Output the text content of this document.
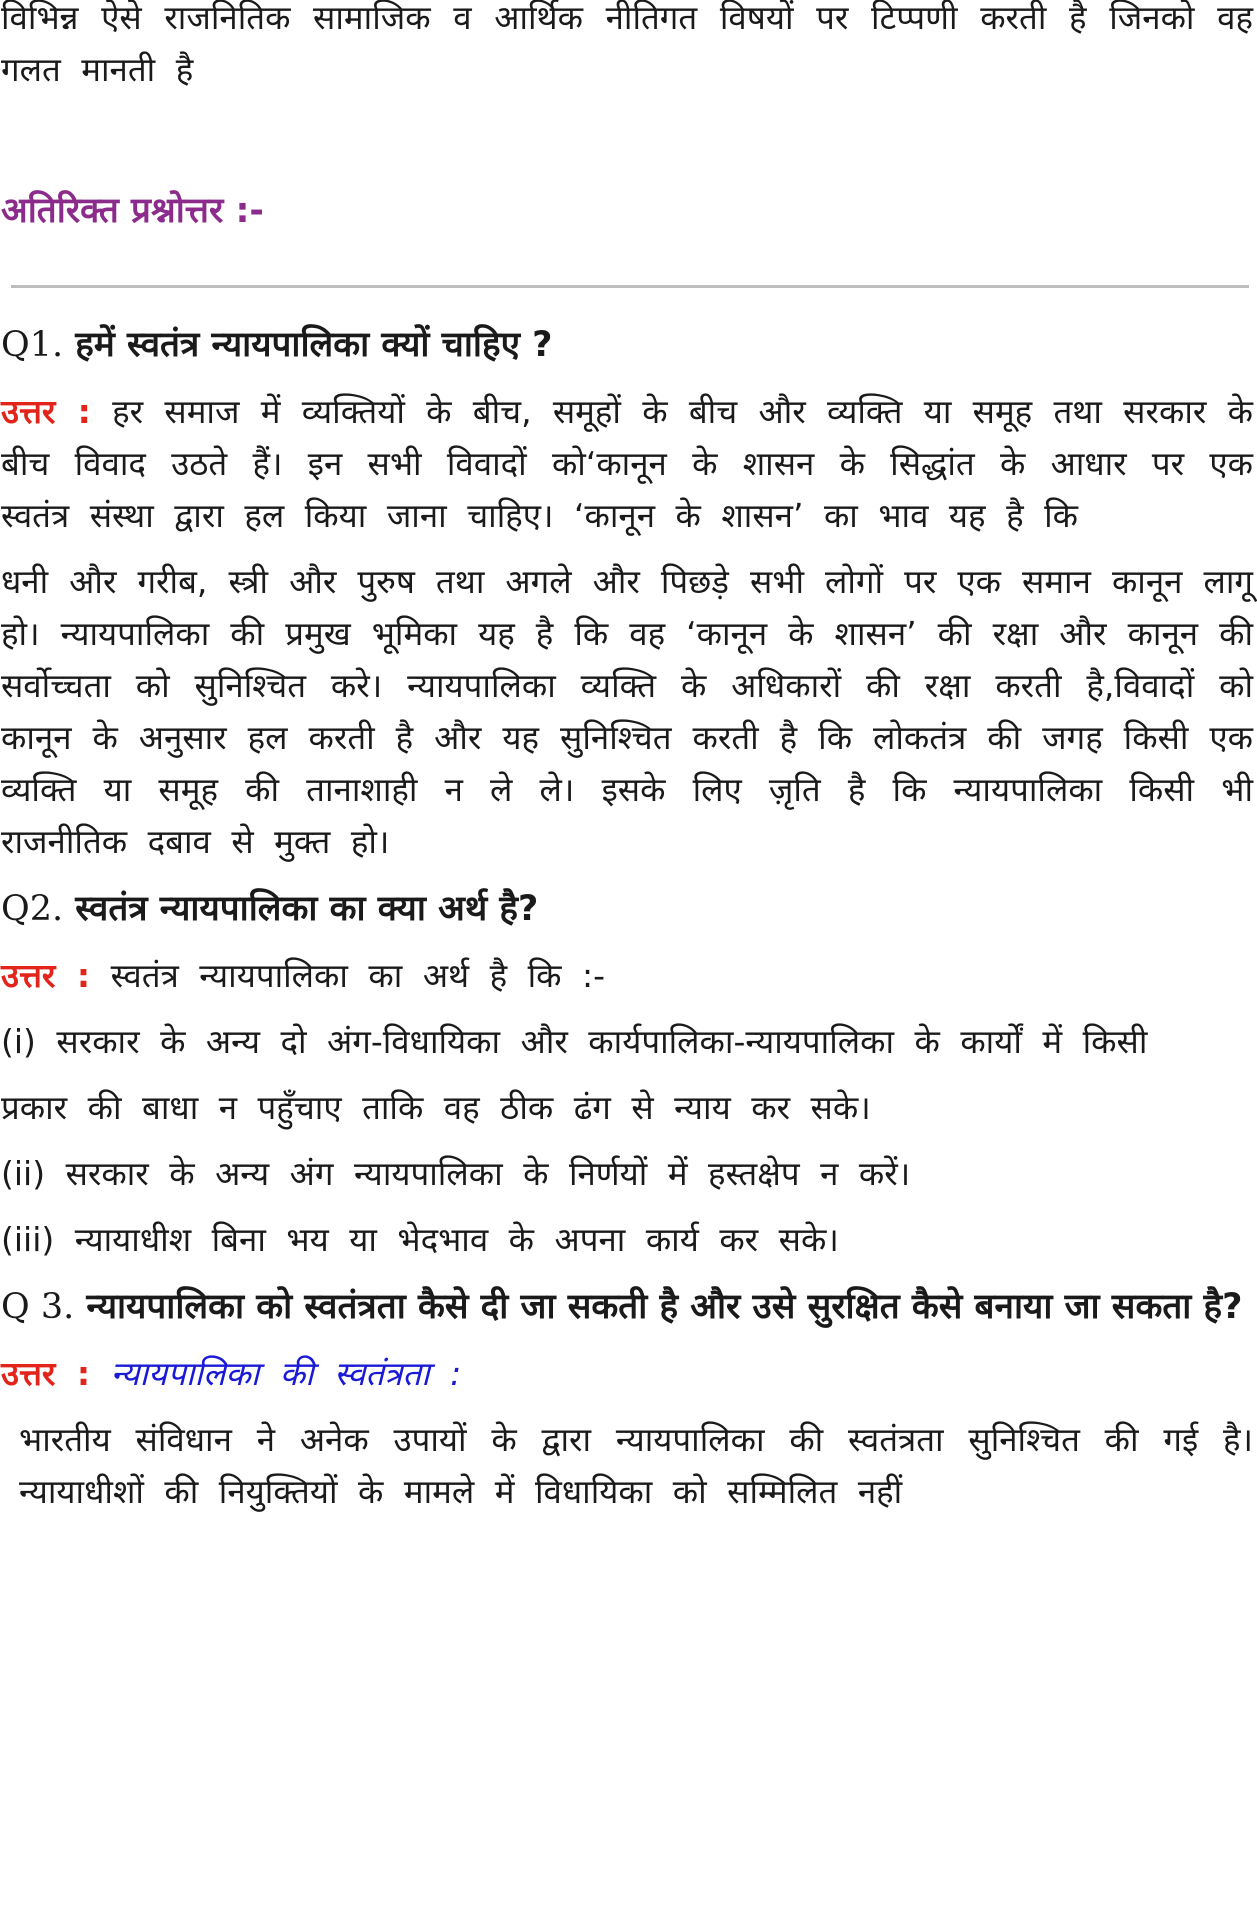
विभिन्न ऐसे राजनितिक सामाजिक व आर्थिक नीतिगत विषयों पर टिप्पणी करती है जिनको वह गलत मानती है

अतिरिक्त प्रश्नोत्तर :-

Q1. हमें स्वतंत्र न्यायपालिका क्यों चाहिए ?

उत्तर : हर समाज में व्यक्तियों के बीच, समूहों के बीच और व्यक्ति या समूह तथा सरकार के बीच विवाद उठते हैं। इन सभी विवादों को‘कानून के शासन के सिद्धांत के आधार पर एक स्वतंत्र संस्था द्वारा हल किया जाना चाहिए। ‘कानून के शासन’ का भाव यह है कि

धनी और गरीब, स्त्री और पुरुष तथा अगले और पिछड़े सभी लोगों पर एक समान कानून लागू हो। न्यायपालिका की प्रमुख भूमिका यह है कि वह ‘कानून के शासन’ की रक्षा और कानून की सर्वोच्चता को सुनिश्चित करे। न्यायपालिका व्यक्ति के अधिकारों की रक्षा करती है,विवादों को कानून के अनुसार हल करती है और यह सुनिश्चित करती है कि लोकतंत्र की जगह किसी एक व्यक्ति या समूह की तानाशाही न ले ले। इसके लिए ज़ृति है कि न्यायपालिका किसी भी राजनीतिक दबाव से मुक्त हो।

Q2. स्वतंत्र न्यायपालिका का क्या अर्थ है?

उत्तर : स्वतंत्र न्यायपालिका का अर्थ है कि :-

(i) सरकार के अन्य दो अंग-विधायिका और कार्यपालिका-न्यायपालिका के कार्यों में किसी

प्रकार की बाधा न पहुँचाए ताकि वह ठीक ढंग से न्याय कर सके।

(ii) सरकार के अन्य अंग न्यायपालिका के निर्णयों में हस्तक्षेप न करें।

(iii) न्यायाधीश बिना भय या भेदभाव के अपना कार्य कर सके।

Q 3. न्यायपालिका को स्वतंत्रता कैसे दी जा सकती है और उसे सुरक्षित कैसे बनाया जा सकता है?

उत्तर : न्यायपालिका की स्वतंत्रता :

भारतीय संविधान ने अनेक उपायों के द्वारा न्यायपालिका की स्वतंत्रता सुनिश्चित की गई है।न्यायाधीशों की नियुक्तियों के मामले में विधायिका को सम्मिलित नहीं
